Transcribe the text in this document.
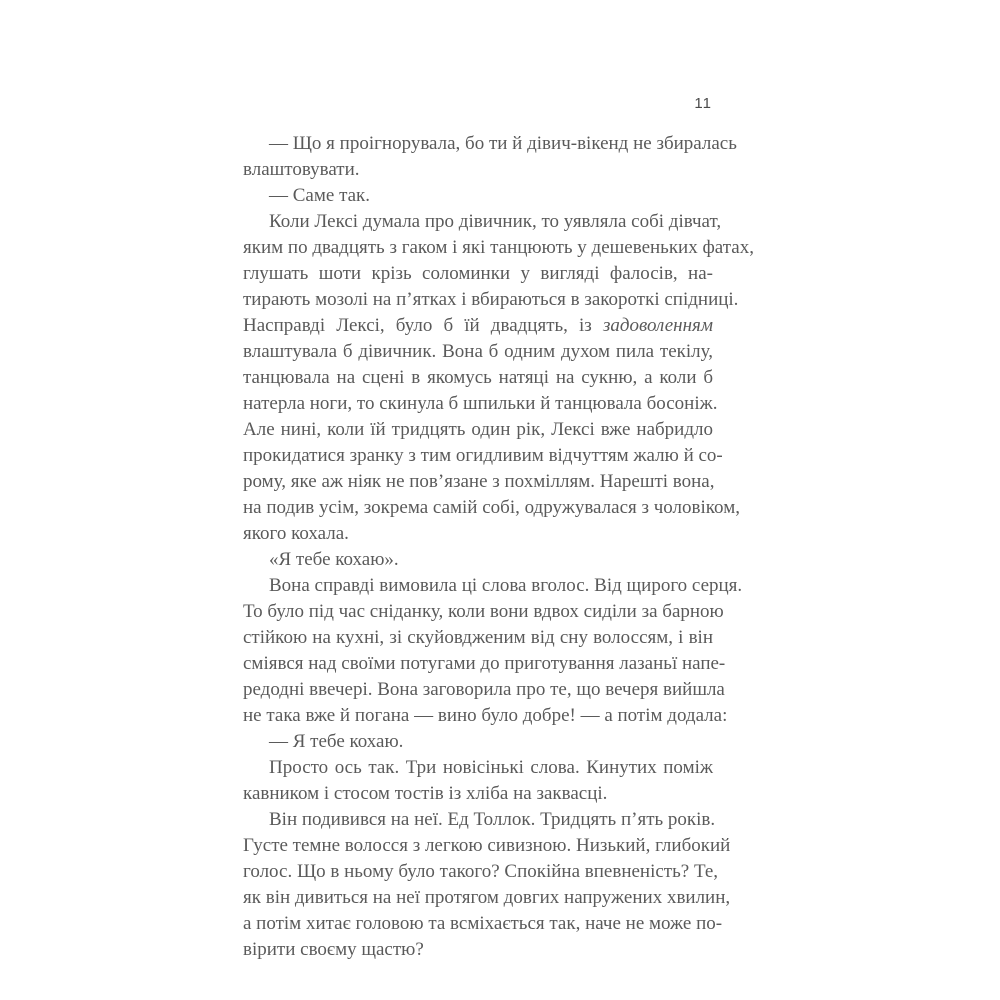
11
— Що я проігнорувала, бо ти й дівич-вікенд не збиралась
влаштовувати.
— Саме так.
Коли Лексі думала про дівичник, то уявляла собі дівчат,
яким по двадцять з гаком і які танцюють у дешевеньких фатах,
глушать шоти крізь соломинки у вигляді фалосів, на-
тирають мозолі на п’ятках і вбираються в закороткі спідниці.
Насправді Лексі, було б їй двадцять, із задоволенням
влаштувала б дівичник. Вона б одним духом пила текілу,
танцювала на сцені в якомусь натяці на сукню, а коли б
натерла ноги, то скинула б шпильки й танцювала босоніж.
Але нині, коли їй тридцять один рік, Лексі вже набридло
прокидатися зранку з тим огидливим відчуттям жалю й со-
рому, яке аж ніяк не пов’язане з похміллям. Нарешті вона,
на подив усім, зокрема самій собі, одружувалася з чоловіком,
якого кохала.
«Я тебе кохаю».
Вона справді вимовила ці слова вголос. Від щирого серця.
То було під час сніданку, коли вони вдвох сиділи за барною
стійкою на кухні, зі скуйовдженим від сну волоссям, і він
сміявся над своїми потугами до приготування лазаньї напе-
редодні ввечері. Вона заговорила про те, що вечеря вийшла
не така вже й погана — вино було добре! — а потім додала:
— Я тебе кохаю.
Просто ось так. Три новісінькі слова. Кинутих поміж
кавником і стосом тостів із хліба на заквасці.
Він подивився на неї. Ед Толлок. Тридцять п’ять років.
Густе темне волосся з легкою сивизною. Низький, глибокий
голос. Що в ньому було такого? Спокійна впевненість? Те,
як він дивиться на неї протягом довгих напружених хвилин,
а потім хитає головою та всміхається так, наче не може по-
вірити своєму щастю?
